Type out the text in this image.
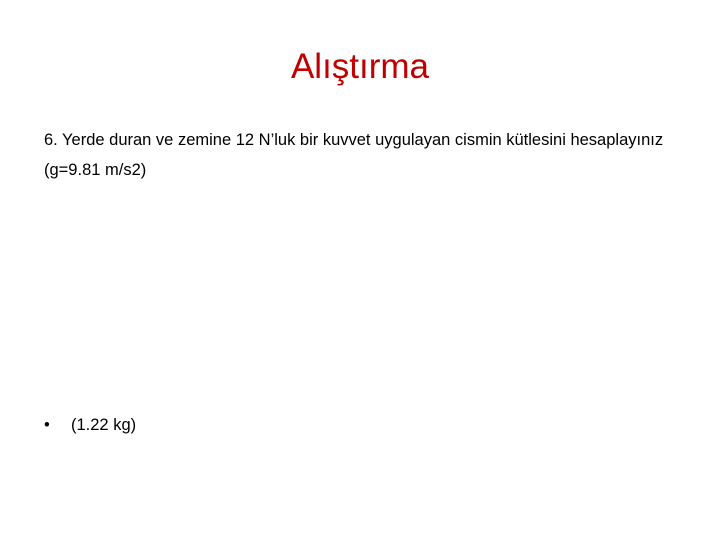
Alıştırma

6. Yerde duran ve zemine 12 N’luk bir kuvvet uygulayan cismin kütlesini hesaplayınız

(g=9.81 m/s2)

•	(1.22 kg)
